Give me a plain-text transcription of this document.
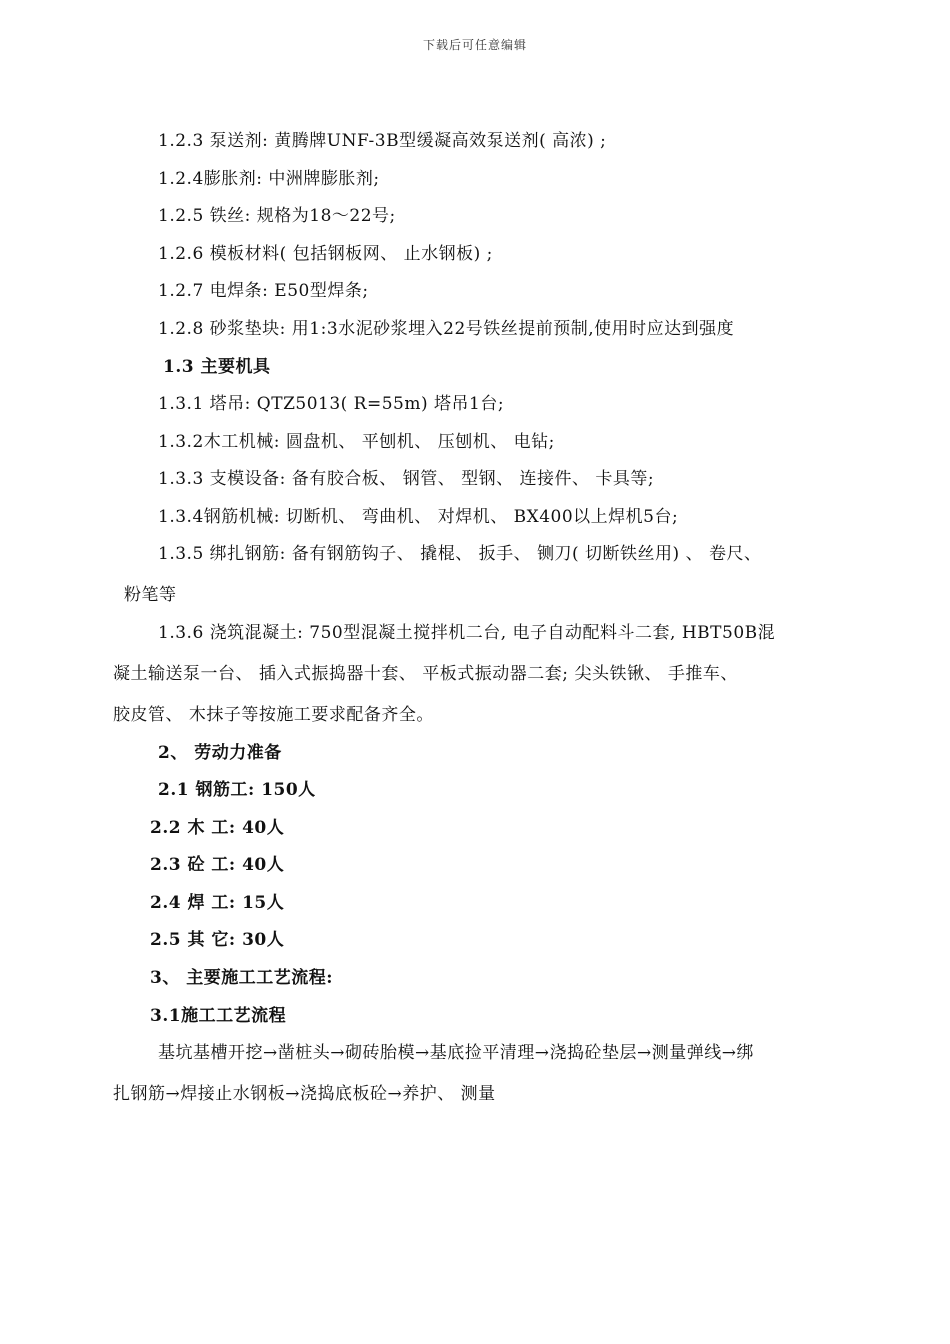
下载后可任意编辑
1.2.3 泵送剂: 黄腾牌UNF-3B型缓凝高效泵送剂( 高浓) ;
1.2.4膨胀剂: 中洲牌膨胀剂;
1.2.5 铁丝: 规格为18～22号;
1.2.6 模板材料( 包括钢板网、 止水钢板) ;
1.2.7 电焊条: E50型焊条;
1.2.8 砂浆垫块: 用1:3水泥砂浆埋入22号铁丝提前预制,使用时应达到强度
1.3 主要机具
1.3.1 塔吊: QTZ5013( R=55m) 塔吊1台;
1.3.2木工机械: 圆盘机、 平刨机、 压刨机、 电钻;
1.3.3 支模设备: 备有胶合板、 钢管、 型钢、 连接件、 卡具等;
1.3.4钢筋机械: 切断机、 弯曲机、 对焊机、 BX400以上焊机5台;
1.3.5 绑扎钢筋: 备有钢筋钩子、 撬棍、 扳手、 铡刀( 切断铁丝用) 、 卷尺、
粉笔等
1.3.6 浇筑混凝土: 750型混凝土搅拌机二台, 电子自动配料斗二套, HBT50B混
凝土输送泵一台、 插入式振捣器十套、 平板式振动器二套; 尖头铁锹、 手推车、
胶皮管、 木抹子等按施工要求配备齐全。
2、 劳动力准备
2.1 钢筋工: 150人
2.2 木 工: 40人
2.3 砼 工: 40人
2.4 焊 工: 15人
2.5 其 它: 30人
3、 主要施工工艺流程:
3.1施工工艺流程
基坑基槽开挖→凿桩头→砌砖胎模→基底捡平清理→浇捣砼垫层→测量弹线→绑
扎钢筋→焊接止水钢板→浇捣底板砼→养护、 测量
